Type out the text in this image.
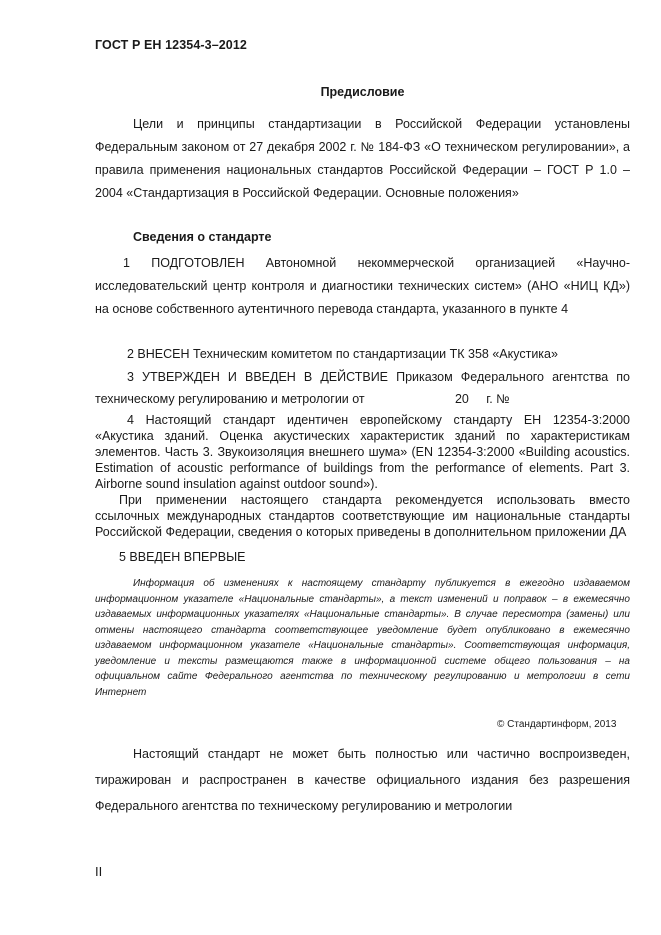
ГОСТ Р ЕН 12354-3–2012
Предисловие
Цели и принципы стандартизации в Российской Федерации установлены Федеральным законом от 27 декабря 2002 г. № 184-ФЗ «О техническом регулировании», а правила применения национальных стандартов Российской Федерации – ГОСТ Р 1.0 – 2004 «Стандартизация в Российской Федерации. Основные положения»
Сведения о стандарте
1 ПОДГОТОВЛЕН Автономной некоммерческой организацией «Научно-исследовательский центр контроля и диагностики технических систем» (АНО «НИЦ КД») на основе собственного аутентичного перевода стандарта, указанного в пункте 4
2 ВНЕСЕН Техническим комитетом по стандартизации ТК 358 «Акустика»
3 УТВЕРЖДЕН И ВВЕДЕН В ДЕЙСТВИЕ Приказом Федерального агентства по техническому регулированию и метрологии от                          20     г. №
4 Настоящий стандарт идентичен европейскому стандарту ЕН 12354-3:2000 «Акустика зданий. Оценка акустических характеристик зданий по характеристикам элементов. Часть 3. Звукоизоляция внешнего шума» (EN 12354-3:2000 «Building acoustics. Estimation of acoustic performance of buildings from the performance of elements. Part 3. Airborne sound insulation against outdoor sound»).
При применении настоящего стандарта рекомендуется использовать вместо ссылочных международных стандартов соответствующие им национальные стандарты Российской Федерации, сведения о которых приведены в дополнительном приложении ДА
5 ВВЕДЕН ВПЕРВЫЕ
Информация об изменениях к настоящему стандарту публикуется в ежегодно издаваемом информационном указателе «Национальные стандарты», а текст изменений и поправок – в ежемесячно издаваемых информационных указателях «Национальные стандарты». В случае пересмотра (замены) или отмены настоящего стандарта соответствующее уведомление будет опубликовано в ежемесячно издаваемом информационном указателе «Национальные стандарты». Соответствующая информация, уведомление и тексты размещаются также в информационной системе общего пользования – на официальном сайте Федерального агентства по техническому регулированию и метрологии в сети Интернет
© Стандартинформ, 2013
Настоящий стандарт не может быть полностью или частично воспроизведен, тиражирован и распространен в качестве официального издания без разрешения Федерального агентства по техническому регулированию и метрологии
II
